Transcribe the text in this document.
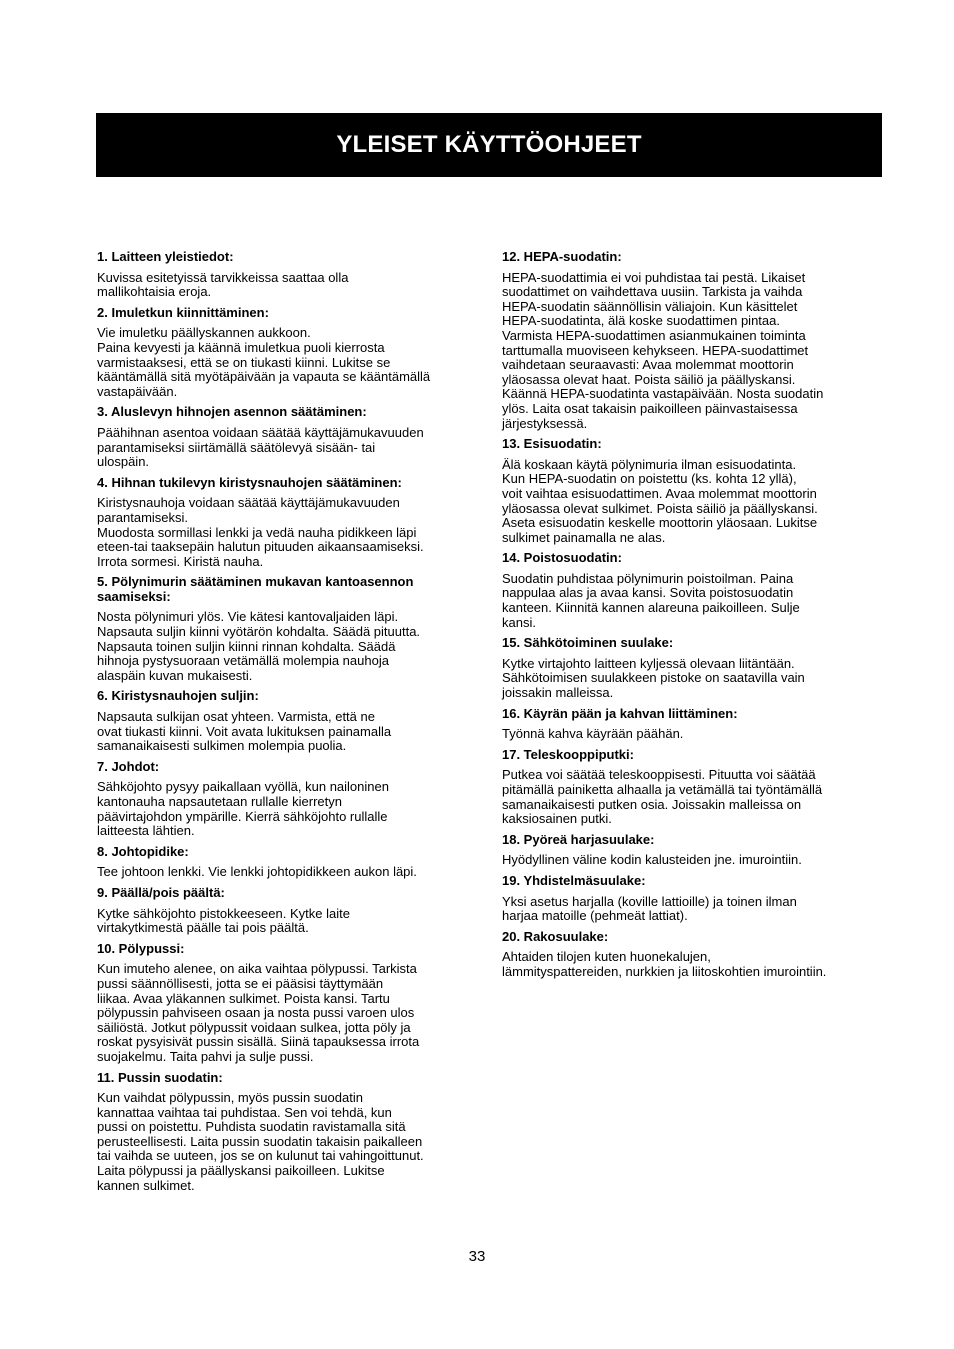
YLEISET KÄYTTÖOHJEET
1. Laitteen yleistiedot:

Kuvissa esitetyissä tarvikkeissa saattaa olla
mallikohtaisia eroja.

2. Imuletkun kiinnittäminen:

Vie imuletku päällyskannen aukkoon.
Paina kevyesti ja käännä imuletkua puoli kierrosta
varmistaaksesi, että se on tiukasti kiinni. Lukitse se
kääntämällä sitä myötäpäivään ja vapauta se kääntämällä
vastapäivään.

3. Aluslevyn hihnojen asennon säätäminen:

Päähihnan asentoa voidaan säätää käyttäjämukavuuden
parantamiseksi siirtämällä säätölevyä sisään- tai
ulospäin.

4. Hihnan tukilevyn kiristysnauhojen säätäminen:

Kiristysnauhoja voidaan säätää käyttäjämukavuuden
parantamiseksi.
Muodosta sormillasi lenkki ja vedä nauha pidikkeen läpi
eteen-tai taaksepäin halutun pituuden aikaansaamiseksi.
Irrota sormesi. Kiristä nauha.

5. Pölynimurin säätäminen mukavan kantoasennon
saamiseksi:

Nosta pölynimuri ylös. Vie kätesi kantovaljaiden läpi.
Napsauta suljin kiinni vyötärön kohdalta. Säädä pituutta.
Napsauta toinen suljin kiinni rinnan kohdalta. Säädä
hihnoja pystysuoraan vetämällä molempia nauhoja
alaspäin kuvan mukaisesti.

6. Kiristysnauhojen suljin:

Napsauta sulkijan osat yhteen. Varmista, että ne
ovat tiukasti kiinni. Voit avata lukituksen painamalla
samanaikaisesti sulkimen molempia puolia.

7. Johdot:

Sähköjohto pysyy paikallaan vyöllä, kun nailoninen
kantonauha napsautetaan rullalle kierretyn
päävirtajohdon ympärille. Kierrä sähköjohto rullalle
laitteesta lähtien.

8. Johtopidike:

Tee johtoon lenkki. Vie lenkki johtopidikkeen aukon läpi.

9. Päällä/pois päältä:

Kytke sähköjohto pistokkeeseen. Kytke laite
virtakytkimestä päälle tai pois päältä.

10. Pölypussi:

Kun imuteho alenee, on aika vaihtaa pölypussi. Tarkista
pussi säännöllisesti, jotta se ei pääsisi täyttymään
liikaa. Avaa yläkannen sulkimet. Poista kansi. Tartu
pölypussin pahviseen osaan ja nosta pussi varoen ulos
säiliöstä. Jotkut pölypussit voidaan sulkea, jotta pöly ja
roskat pysyisivät pussin sisällä. Siinä tapauksessa irrota
suojakelmu. Taita pahvi ja sulje pussi.

11. Pussin suodatin:

Kun vaihdat pölypussin, myös pussin suodatin
kannattaa vaihtaa tai puhdistaa. Sen voi tehdä, kun
pussi on poistettu. Puhdista suodatin ravistamalla sitä
perusteellisesti. Laita pussin suodatin takaisin paikalleen
tai vaihda se uuteen, jos se on kulunut tai vahingoittunut.
Laita pölypussi ja päällyskansi paikoilleen. Lukitse
kannen sulkimet.

12. HEPA-suodatin:

HEPA-suodattimia ei voi puhdistaa tai pestä. Likaiset
suodattimet on vaihdettava uusiin. Tarkista ja vaihda
HEPA-suodatin säännöllisin väliajoin. Kun käsittelet
HEPA-suodatinta, älä koske suodattimen pintaa.
Varmista HEPA-suodattimen asianmukainen toiminta
tarttumalla muoviseen kehykseen. HEPA-suodattimet
vaihdetaan seuraavasti: Avaa molemmat moottorin
yläosassa olevat haat. Poista säiliö ja päällyskansi.
Käännä HEPA-suodatinta vastapäivään. Nosta suodatin
ylös. Laita osat takaisin paikoilleen päinvastaisessa
järjestyksessä.

13. Esisuodatin:

Älä koskaan käytä pölynimuria ilman esisuodatinta.
Kun HEPA-suodatin on poistettu (ks. kohta 12 yllä),
voit vaihtaa esisuodattimen. Avaa molemmat moottorin
yläosassa olevat sulkimet. Poista säiliö ja päällyskansi.
Aseta esisuodatin keskelle moottorin yläosaan. Lukitse
sulkimet painamalla ne alas.

14. Poistosuodatin:

Suodatin puhdistaa pölynimurin poistoilman. Paina
nappulaa alas ja avaa kansi. Sovita poistosuodatin
kanteen. Kiinnitä kannen alareuna paikoilleen. Sulje
kansi.

15. Sähkötoiminen suulake:

Kytke virtajohto laitteen kyljessä olevaan liitäntään.
Sähkötoimisen suulakkeen pistoke on saatavilla vain
joissakin malleissa.

16. Käyrän pään ja kahvan liittäminen:

Työnnä kahva käyrään päähän.

17. Teleskooppiputki:

Putkea voi säätää teleskooppisesti. Pituutta voi säätää
pitämällä painiketta alhaalla ja vetämällä tai työntämällä
samanaikaisesti putken osia. Joissakin malleissa on
kaksiosainen putki.

18. Pyöreä harjasuulake:

Hyödyllinen väline kodin kalusteiden jne. imurointiin.

19. Yhdistelmäsuulake:

Yksi asetus harjalla (koville lattioille) ja toinen ilman
harjaa matoille (pehmeät lattiat).

20. Rakosuulake:

Ahtaiden tilojen kuten huonekalujen,
lämmityspattereiden, nurkkien ja liitoskohtien imurointiin.

33
